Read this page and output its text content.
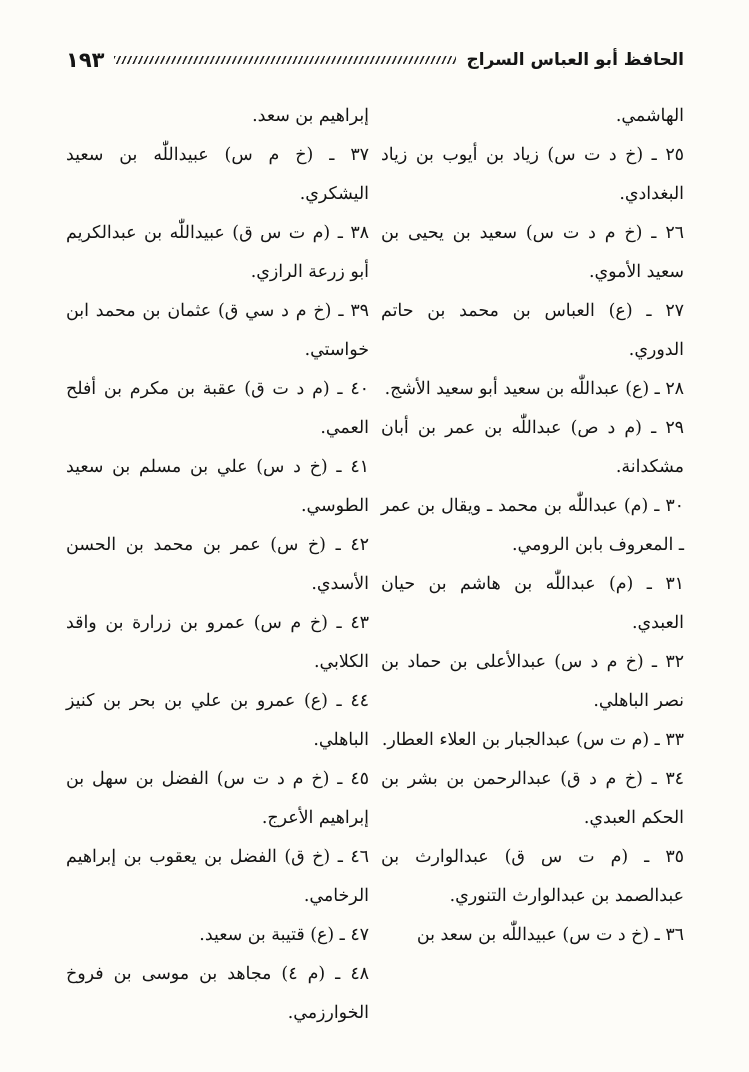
١٩٣	الحافظ أبو العباس السراج

إبراهيم بن سعد.

٣٧ ـ (خ م س) عبيداللّٰه بن سعيد اليشكري.

٣٨ ـ (م ت س ق) عبيداللّٰه بن عبدالكريم أبو زرعة الرازي.

٣٩ ـ (خ م د سي ق) عثمان بن محمد ابن خواستي.

٤٠ ـ (م د ت ق) عقبة بن مكرم بن أفلح العمي.

٤١ ـ (خ د س) علي بن مسلم بن سعيد الطوسي.

٤٢ ـ (خ س) عمر بن محمد بن الحسن الأسدي.

٤٣ ـ (خ م س) عمرو بن زرارة بن واقد الكلابي.

٤٤ ـ (ع) عمرو بن علي بن بحر بن كنيز الباهلي.

٤٥ ـ (خ م د ت س) الفضل بن سهل بن إبراهيم الأعرج.

٤٦ ـ (خ ق) الفضل بن يعقوب بن إبراهيم الرخامي.

٤٧ ـ (ع) قتيبة بن سعيد.

٤٨ ـ (م ٤) مجاهد بن موسى بن فروخ الخوارزمي.

الهاشمي.

٢٥ ـ (خ د ت س) زياد بن أيوب بن زياد البغدادي.

٢٦ ـ (خ م د ت س) سعيد بن يحيى بن سعيد الأموي.

٢٧ ـ (ع) العباس بن محمد بن حاتم الدوري.

٢٨ ـ (ع) عبداللّٰه بن سعيد أبو سعيد الأشج.

٢٩ ـ (م د ص) عبداللّٰه بن عمر بن أبان مشكدانة.

٣٠ ـ (م) عبداللّٰه بن محمد ـ ويقال بن عمر ـ المعروف بابن الرومي.

٣١ ـ (م) عبداللّٰه بن هاشم بن حيان العبدي.

٣٢ ـ (خ م د س) عبدالأعلى بن حماد بن نصر الباهلي.

٣٣ ـ (م ت س) عبدالجبار بن العلاء العطار.

٣٤ ـ (خ م د ق) عبدالرحمن بن بشر بن الحكم العبدي.

٣٥ ـ (م ت س ق) عبدالوارث بن عبدالصمد بن عبدالوارث التنوري.

٣٦ ـ (خ د ت س) عبيداللّٰه بن سعد بن
